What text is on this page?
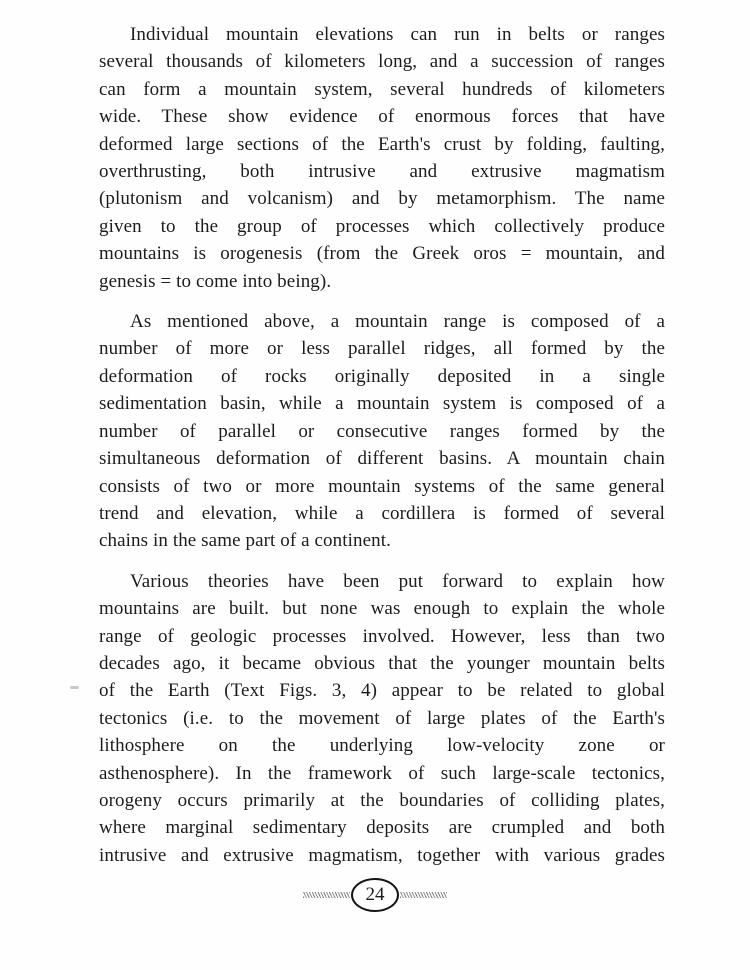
Individual mountain elevations can run in belts or ranges
several thousands of kilometers long, and a succession of ranges
can form a mountain system, several hundreds of kilometers
wide. These show evidence of enormous forces that have
deformed large sections of the Earth's crust by folding, faulting,
overthrusting, both intrusive and extrusive magmatism
(plutonism and volcanism) and by metamorphism. The name
given to the group of processes which collectively produce
mountains is orogenesis (from the Greek oros = mountain, and
genesis = to come into being).
As mentioned above, a mountain range is composed of a
number of more or less parallel ridges, all formed by the
deformation of rocks originally deposited in a single
sedimentation basin, while a mountain system is composed of a
number of parallel or consecutive ranges formed by the
simultaneous deformation of different basins. A mountain chain
consists of two or more mountain systems of the same general
trend and elevation, while a cordillera is formed of several
chains in the same part of a continent.
Various theories have been put forward to explain how
mountains are built. but none was enough to explain the whole
range of geologic processes involved. However, less than two
decades ago, it became obvious that the younger mountain belts
of the Earth (Text Figs. 3, 4) appear to be related to global
tectonics (i.e. to the movement of large plates of the Earth's
lithosphere on the underlying low-velocity zone or
asthenosphere). In the framework of such large-scale tectonics,
orogeny occurs primarily at the boundaries of colliding plates,
where marginal sedimentary deposits are crumpled and both
intrusive and extrusive magmatism, together with various grades
24
